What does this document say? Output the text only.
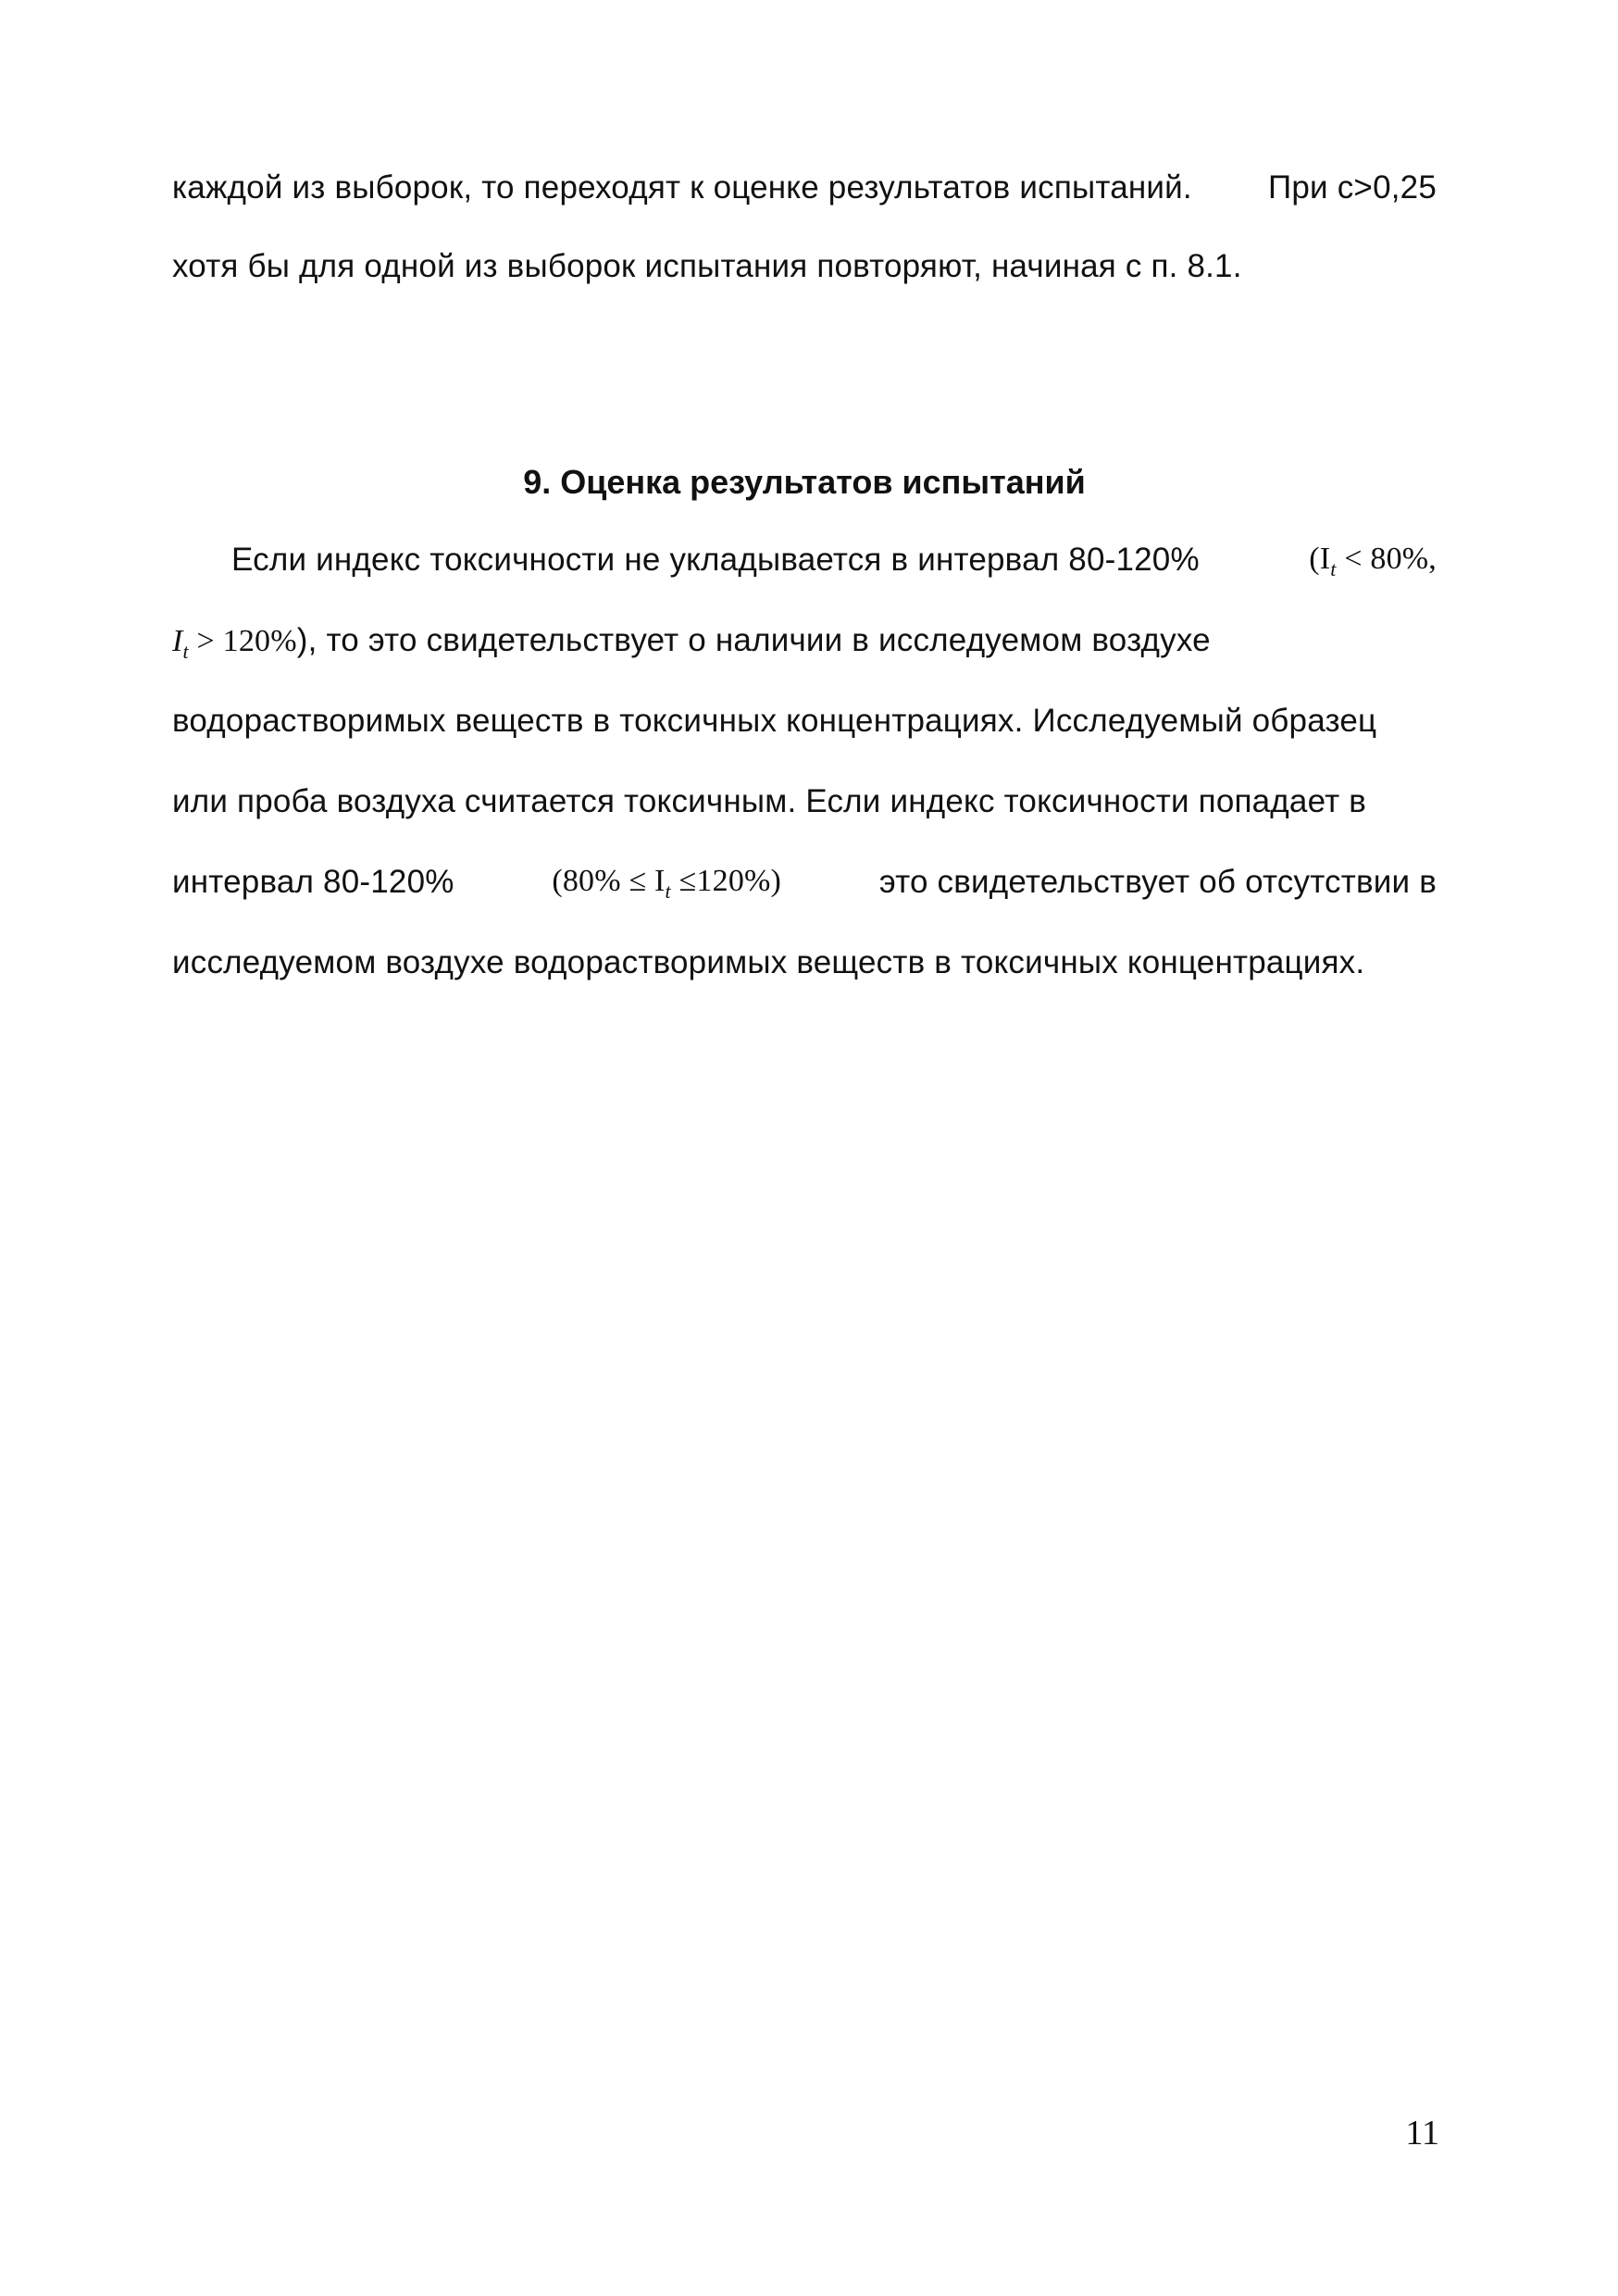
каждой из выборок, то переходят к оценке результатов испытаний. При с>0,25
хотя бы для одной из выборок испытания повторяют, начиная с п. 8.1.
9. Оценка результатов испытаний
Если индекс токсичности не укладывается в интервал 80-120%	($I_t < 80\%$,
$I_t > 120\%$), то это свидетельствует о наличии в исследуемом воздухе
водорастворимых веществ в токсичных концентрациях. Исследуемый образец
или проба воздуха считается токсичным. Если индекс токсичности попадает в
интервал 80-120%	$(80\% \le I_t \le 120\%)$	это свидетельствует об отсутствии в
исследуемом воздухе водорастворимых веществ в токсичных концентрациях.
11
